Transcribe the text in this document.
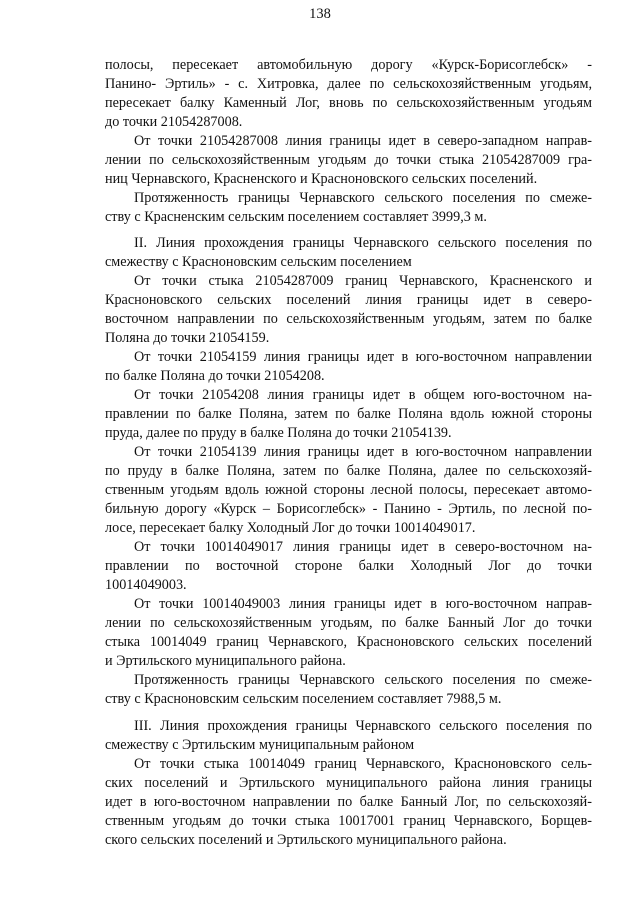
138
полосы, пересекает автомобильную дорогу «Курск-Борисоглебск» -
Панино- Эртиль» - с. Хитровка, далее по сельскохозяйственным угодьям,
пересекает балку Каменный Лог, вновь по сельскохозяйственным угодьям
до точки 21054287008.
От точки 21054287008 линия границы идет в северо-западном направ-
лении по сельскохозяйственным угодьям до точки стыка 21054287009 гра-
ниц Чернавского, Красненского и Красноновского сельских поселений.
Протяженность границы Чернавского сельского поселения по смеже-
ству с Красненским сельским поселением составляет 3999,3 м.
II. Линия прохождения границы Чернавского сельского поселения по
смежеству с Красноновским сельским поселением
От точки стыка 21054287009 границ Чернавского, Красненского и
Красноновского сельских поселений линия границы идет в северо-
восточном направлении по сельскохозяйственным угодьям, затем по балке
Поляна до точки 21054159.
От точки 21054159 линия границы идет в юго-восточном направлении
по балке Поляна до точки 21054208.
От точки 21054208 линия границы идет в общем юго-восточном на-
правлении по балке Поляна, затем по балке Поляна вдоль южной стороны
пруда, далее по пруду в балке Поляна до точки 21054139.
От точки 21054139 линия границы идет в юго-восточном направлении
по пруду в балке Поляна, затем по балке Поляна, далее по сельскохозяй-
ственным угодьям вдоль южной стороны лесной полосы, пересекает автомо-
бильную дорогу «Курск – Борисоглебск» - Панино - Эртиль, по лесной по-
лосе, пересекает балку Холодный Лог до точки 10014049017.
От точки 10014049017 линия границы идет в северо-восточном на-
правлении по восточной стороне балки Холодный Лог до точки
10014049003.
От точки 10014049003 линия границы идет в юго-восточном направ-
лении по сельскохозяйственным угодьям, по балке Банный Лог до точки
стыка 10014049 границ Чернавского, Красноновского сельских поселений
и Эртильского муниципального района.
Протяженность границы Чернавского сельского поселения по смеже-
ству с Красноновским сельским поселением составляет 7988,5 м.
III. Линия прохождения границы Чернавского сельского поселения по
смежеству с Эртильским муниципальным районом
От точки стыка 10014049 границ Чернавского, Красноновского сель-
ских поселений и Эртильского муниципального района линия границы
идет в юго-восточном направлении по балке Банный Лог, по сельскохозяй-
ственным угодьям до точки стыка 10017001 границ Чернавского, Борщев-
ского сельских поселений и Эртильского муниципального района.
